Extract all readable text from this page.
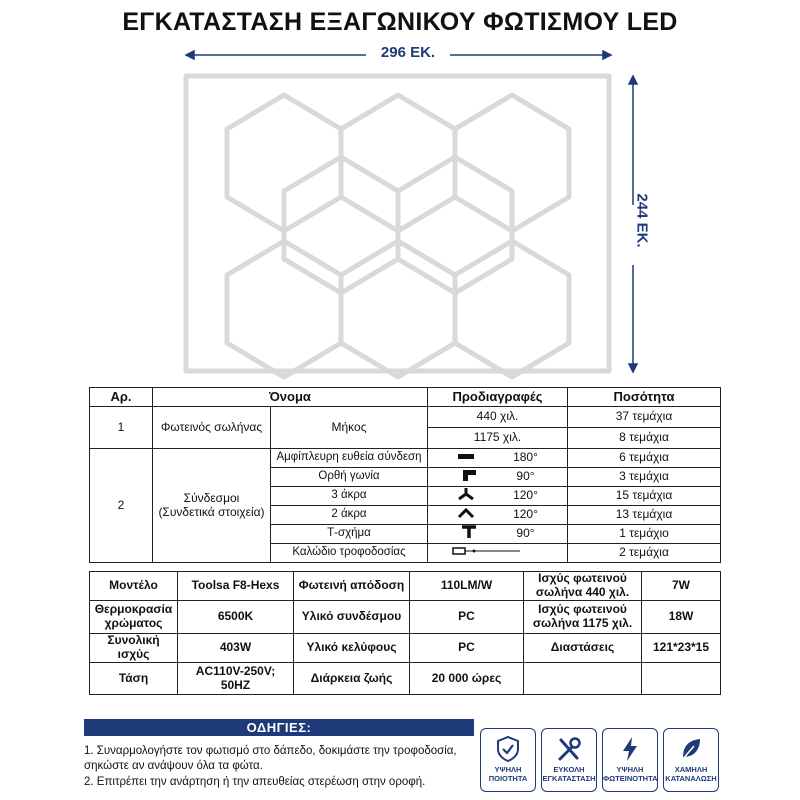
ΕΓΚΑΤΑΣΤΑΣΗ ΕΞΑΓΩΝΙΚΟΥ ΦΩΤΙΣΜΟΥ LED
296 ΕΚ.
244 ΕΚ.
Αρ.	Όνομα		Προδιαγραφές	Ποσότητα
1	Φωτεινός σωλήνας	Μήκος	440 χιλ.	37 τεμάχια
			1175 χιλ.	8 τεμάχια
2	Σύνδεσμοι (Συνδετικά στοιχεία)	Αμφίπλευρη ευθεία σύνδεση	180°	6 τεμάχια
		Ορθή γωνία	90°	3 τεμάχια
		3 άκρα	120°	15 τεμάχια
		2 άκρα	120°	13 τεμάχια
		Τ-σχήμα	90°	1 τεμάχιο
		Καλώδιο τροφοδοσίας		2 τεμάχια
Μοντέλο	Toolsa F8-Hexs	Φωτεινή απόδοση	110LM/W	Ισχύς φωτεινού σωλήνα 440 χιλ.	7W
Θερμοκρασία χρώματος	6500K	Υλικό συνδέσμου	PC	Ισχύς φωτεινού σωλήνα 1175 χιλ.	18W
Συνολική ισχύς	403W	Υλικό κελύφους	PC	Διαστάσεις	121*23*15
Τάση	AC110V-250V; 50HZ	Διάρκεια ζωής	20 000 ώρες		
ΟΔΗΓΙΕΣ:
1. Συναρμολογήστε τον φωτισμό στο δάπεδο, δοκιμάστε την τροφοδοσία, σηκώστε αν ανάψουν όλα τα φώτα.
2. Επιτρέπει την ανάρτηση ή την απευθείας στερέωση στην οροφή.
ΥΨΗΛΗ ΠΟΙΟΤΗΤΑ
ΕΥΚΟΛΗ ΕΓΚΑΤΑΣΤΑΣΗ
ΥΨΗΛΗ ΦΩΤΕΙΝΟΤΗΤΑ
ΧΑΜΗΛΗ ΚΑΤΑΝΑΛΩΣΗ
